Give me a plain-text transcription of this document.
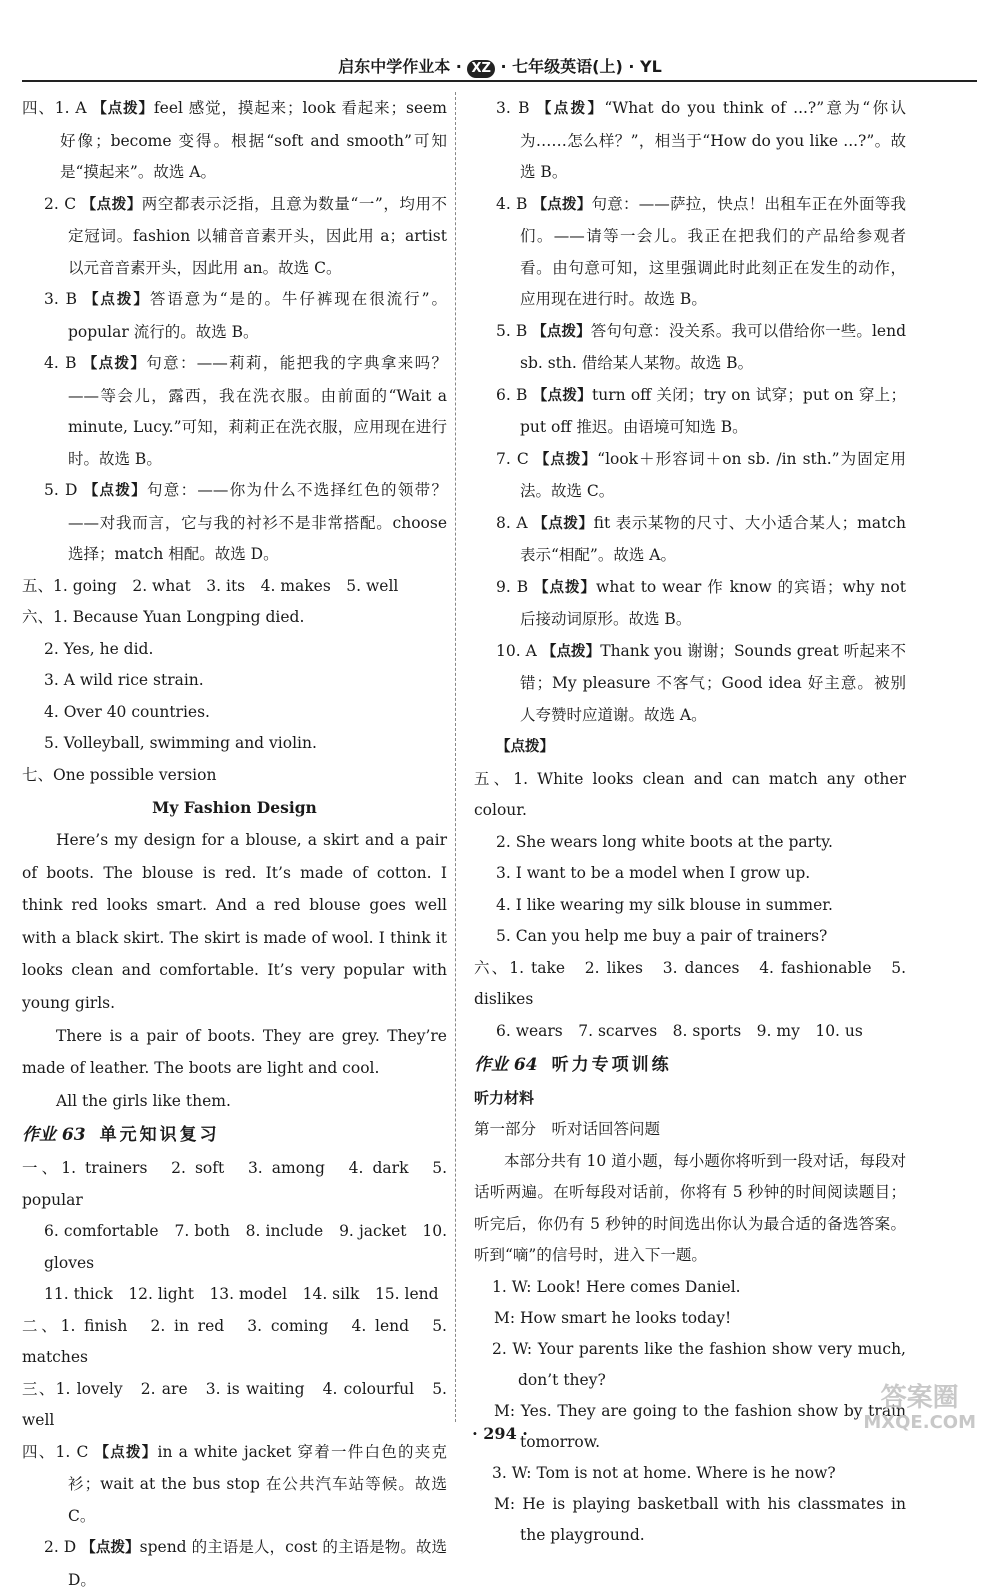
启东中学作业本 · XZ · 七年级英语(上) · YL

四、1. A 【点拨】feel 感觉，摸起来；look 看起来；seem 好像；become 变得。根据“soft and smooth”可知是“摸起来”。故选 A。

2. C 【点拨】两空都表示泛指，且意为数量“一”，均用不定冠词。fashion 以辅音音素开头，因此用 a；artist 以元音音素开头，因此用 an。故选 C。

3. B 【点拨】答语意为“是的。牛仔裤现在很流行”。popular 流行的。故选 B。

4. B 【点拨】句意：——莉莉，能把我的字典拿来吗？——等会儿，露西，我在洗衣服。由前面的“Wait a minute, Lucy.”可知，莉莉正在洗衣服，应用现在进行时。故选 B。

5. D 【点拨】句意：——你为什么不选择红色的领带？——对我而言，它与我的衬衫不是非常搭配。choose 选择；match 相配。故选 D。

五、1. going　2. what　3. its　4. makes　5. well

六、1. Because Yuan Longping died.

2. Yes, he did.

3. A wild rice strain.

4. Over 40 countries.

5. Volleyball, swimming and violin.

七、One possible version

My Fashion Design

Here’s my design for a blouse, a skirt and a pair of boots. The blouse is red. It’s made of cotton. I think red looks smart. And a red blouse goes well with a black skirt. The skirt is made of wool. I think it looks clean and comfortable. It’s very popular with young girls.

There is a pair of boots. They are grey. They’re made of leather. The boots are light and cool.

All the girls like them.

作业 63 单元知识复习

一、1. trainers　2. soft　3. among　4. dark　5. popular

6. comfortable　7. both　8. include　9. jacket　10. gloves

11. thick　12. light　13. model　14. silk　15. lend

二、1. finish　2. in red　3. coming　4. lend　5. matches

三、1. lovely　2. are　3. is waiting　4. colourful　5. well

四、1. C 【点拨】in a white jacket 穿着一件白色的夹克衫；wait at the bus stop 在公共汽车站等候。故选 C。

2. D 【点拨】spend 的主语是人，cost 的主语是物。故选 D。

3. B 【点拨】“What do you think of ...?”意为“你认为……怎么样？”，相当于“How do you like ...?”。故选 B。

4. B 【点拨】句意：——萨拉，快点！出租车正在外面等我们。——请等一会儿。我正在把我们的产品给参观者看。由句意可知，这里强调此时此刻正在发生的动作，应用现在进行时。故选 B。

5. B 【点拨】答句句意：没关系。我可以借给你一些。lend sb. sth. 借给某人某物。故选 B。

6. B 【点拨】turn off 关闭；try on 试穿；put on 穿上；put off 推迟。由语境可知选 B。

7. C 【点拨】“look＋形容词＋on sb. /in sth.”为固定用法。故选 C。

8. A 【点拨】fit 表示某物的尺寸、大小适合某人；match 表示“相配”。故选 A。

9. B 【点拨】what to wear 作 know 的宾语；why not 后接动词原形。故选 B。

10. A 【点拨】Thank you 谢谢；Sounds great 听起来不错；My pleasure 不客气；Good idea 好主意。被别人夸赞时应道谢。故选 A。

【点拨】

五、1. White looks clean and can match any other colour.

2. She wears long white boots at the party.

3. I want to be a model when I grow up.

4. I like wearing my silk blouse in summer.

5. Can you help me buy a pair of trainers?

六、1. take　2. likes　3. dances　4. fashionable　5. dislikes

6. wears　7. scarves　8. sports　9. my　10. us

作业 64 听力专项训练

听力材料

第一部分　听对话回答问题

本部分共有 10 道小题，每小题你将听到一段对话，每段对话听两遍。在听每段对话前，你将有 5 秒钟的时间阅读题目；听完后，你仍有 5 秒钟的时间选出你认为最合适的备选答案。听到“嘀”的信号时，进入下一题。

1. W: Look! Here comes Daniel.

M: How smart he looks today!

2. W: Your parents like the fashion show very much, don’t they?

M: Yes. They are going to the fashion show by train tomorrow.

3. W: Tom is not at home. Where is he now?

M: He is playing basketball with his classmates in the playground.

· 294 ·
答案圈
MXQE.COM
